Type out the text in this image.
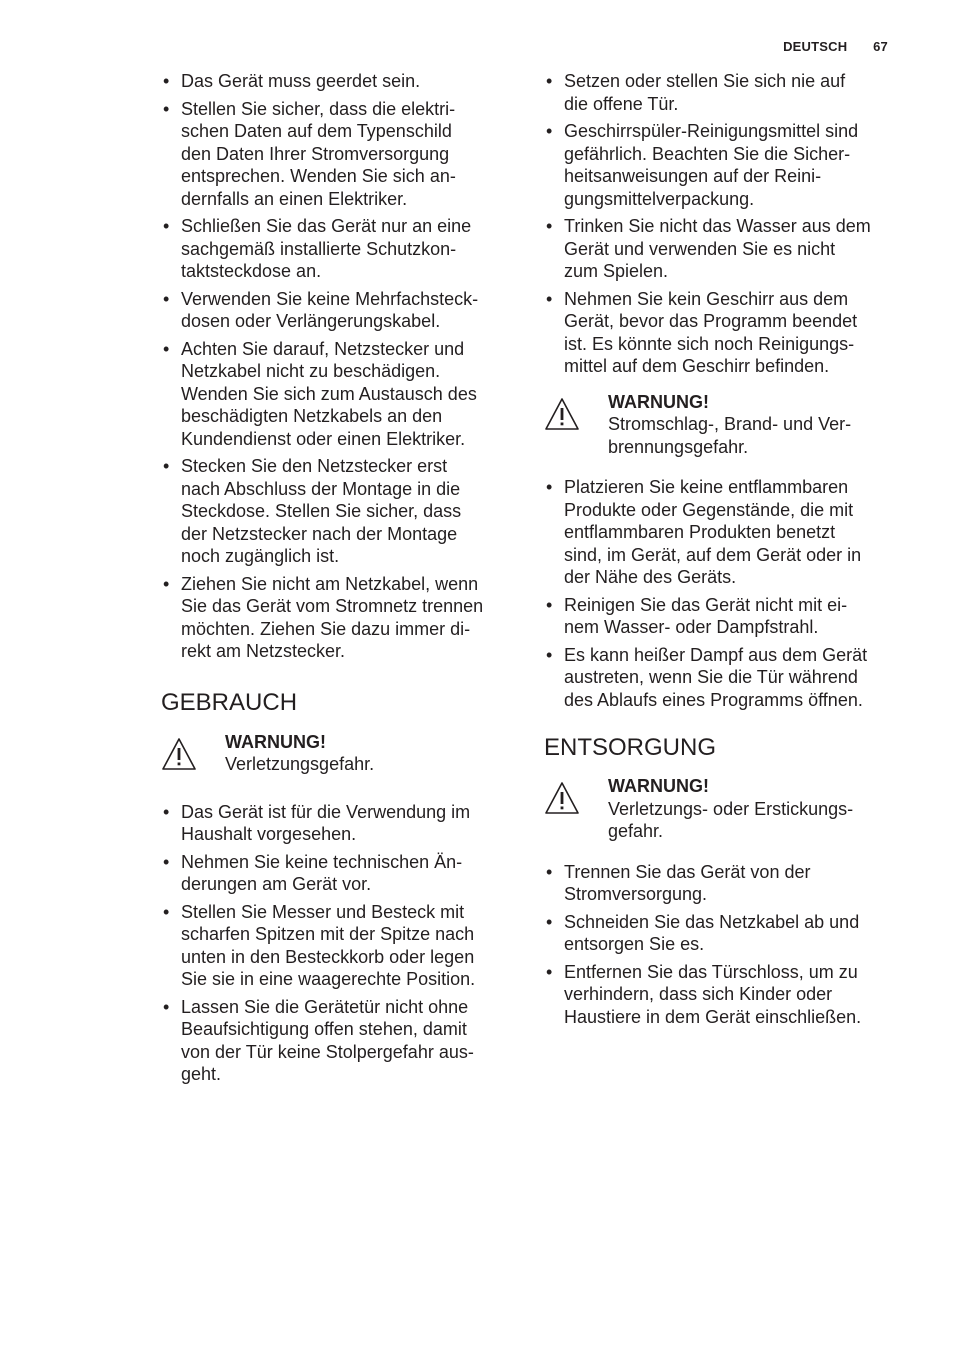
DEUTSCH 67
• Das Gerät muss geerdet sein.
• Stellen Sie sicher, dass die elektri-
schen Daten auf dem Typenschild
den Daten Ihrer Stromversorgung
entsprechen. Wenden Sie sich an-
dernfalls an einen Elektriker.
• Schließen Sie das Gerät nur an eine
sachgemäß installierte Schutzkon-
taktsteckdose an.
• Verwenden Sie keine Mehrfachsteck-
dosen oder Verlängerungskabel.
• Achten Sie darauf, Netzstecker und
Netzkabel nicht zu beschädigen.
Wenden Sie sich zum Austausch des
beschädigten Netzkabels an den
Kundendienst oder einen Elektriker.
• Stecken Sie den Netzstecker erst
nach Abschluss der Montage in die
Steckdose. Stellen Sie sicher, dass
der Netzstecker nach der Montage
noch zugänglich ist.
• Ziehen Sie nicht am Netzkabel, wenn
Sie das Gerät vom Stromnetz trennen
möchten. Ziehen Sie dazu immer di-
rekt am Netzstecker.
GEBRAUCH
WARNUNG!
Verletzungsgefahr.
• Das Gerät ist für die Verwendung im
Haushalt vorgesehen.
• Nehmen Sie keine technischen Än-
derungen am Gerät vor.
• Stellen Sie Messer und Besteck mit
scharfen Spitzen mit der Spitze nach
unten in den Besteckkorb oder legen
Sie sie in eine waagerechte Position.
• Lassen Sie die Gerätetür nicht ohne
Beaufsichtigung offen stehen, damit
von der Tür keine Stolpergefahr aus-
geht.
• Setzen oder stellen Sie sich nie auf
die offene Tür.
• Geschirrspüler-Reinigungsmittel sind
gefährlich. Beachten Sie die Sicher-
heitsanweisungen auf der Reini-
gungsmittelverpackung.
• Trinken Sie nicht das Wasser aus dem
Gerät und verwenden Sie es nicht
zum Spielen.
• Nehmen Sie kein Geschirr aus dem
Gerät, bevor das Programm beendet
ist. Es könnte sich noch Reinigungs-
mittel auf dem Geschirr befinden.
WARNUNG!
Stromschlag-, Brand- und Ver-
brennungsgefahr.
• Platzieren Sie keine entflammbaren
Produkte oder Gegenstände, die mit
entflammbaren Produkten benetzt
sind, im Gerät, auf dem Gerät oder in
der Nähe des Geräts.
• Reinigen Sie das Gerät nicht mit ei-
nem Wasser- oder Dampfstrahl.
• Es kann heißer Dampf aus dem Gerät
austreten, wenn Sie die Tür während
des Ablaufs eines Programms öffnen.
ENTSORGUNG
WARNUNG!
Verletzungs- oder Erstickungs-
gefahr.
• Trennen Sie das Gerät von der
Stromversorgung.
• Schneiden Sie das Netzkabel ab und
entsorgen Sie es.
• Entfernen Sie das Türschloss, um zu
verhindern, dass sich Kinder oder
Haustiere in dem Gerät einschließen.
